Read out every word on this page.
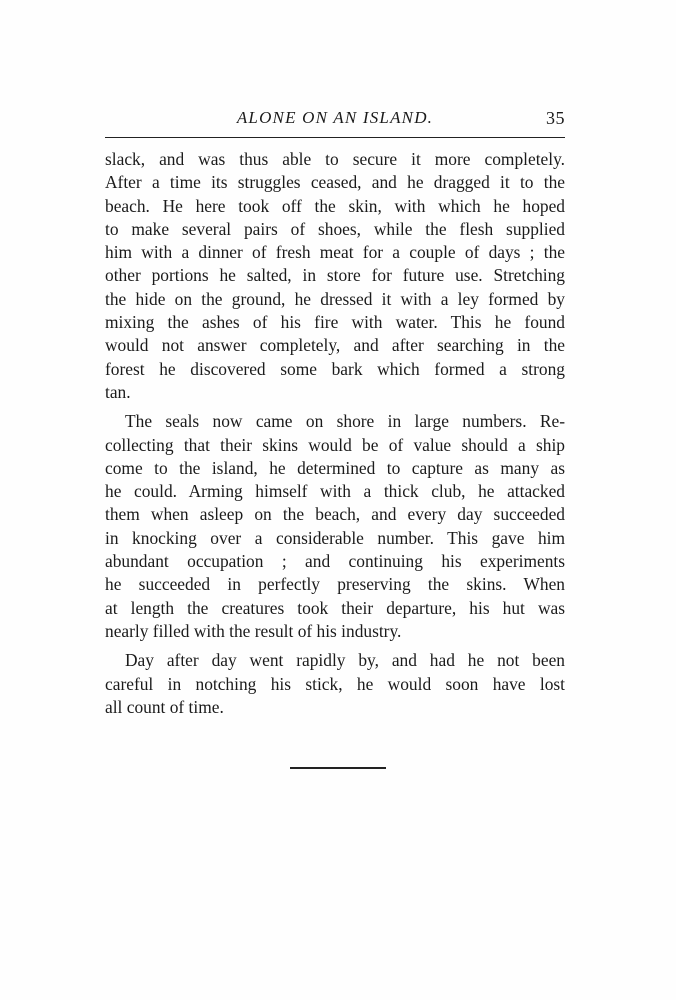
ALONE ON AN ISLAND.	35

slack, and was thus able to secure it more completely.
After a time its struggles ceased, and he dragged it to the
beach. He here took off the skin, with which he hoped
to make several pairs of shoes, while the flesh supplied
him with a dinner of fresh meat for a couple of days ; the
other portions he salted, in store for future use. Stretching
the hide on the ground, he dressed it with a ley formed by
mixing the ashes of his fire with water. This he found
would not answer completely, and after searching in the
forest he discovered some bark which formed a strong
tan.

The seals now came on shore in large numbers. Re-
collecting that their skins would be of value should a ship
come to the island, he determined to capture as many as
he could. Arming himself with a thick club, he attacked
them when asleep on the beach, and every day succeeded
in knocking over a considerable number. This gave him
abundant occupation ; and continuing his experiments
he succeeded in perfectly preserving the skins. When
at length the creatures took their departure, his hut was
nearly filled with the result of his industry.

Day after day went rapidly by, and had he not been
careful in notching his stick, he would soon have lost
all count of time.
